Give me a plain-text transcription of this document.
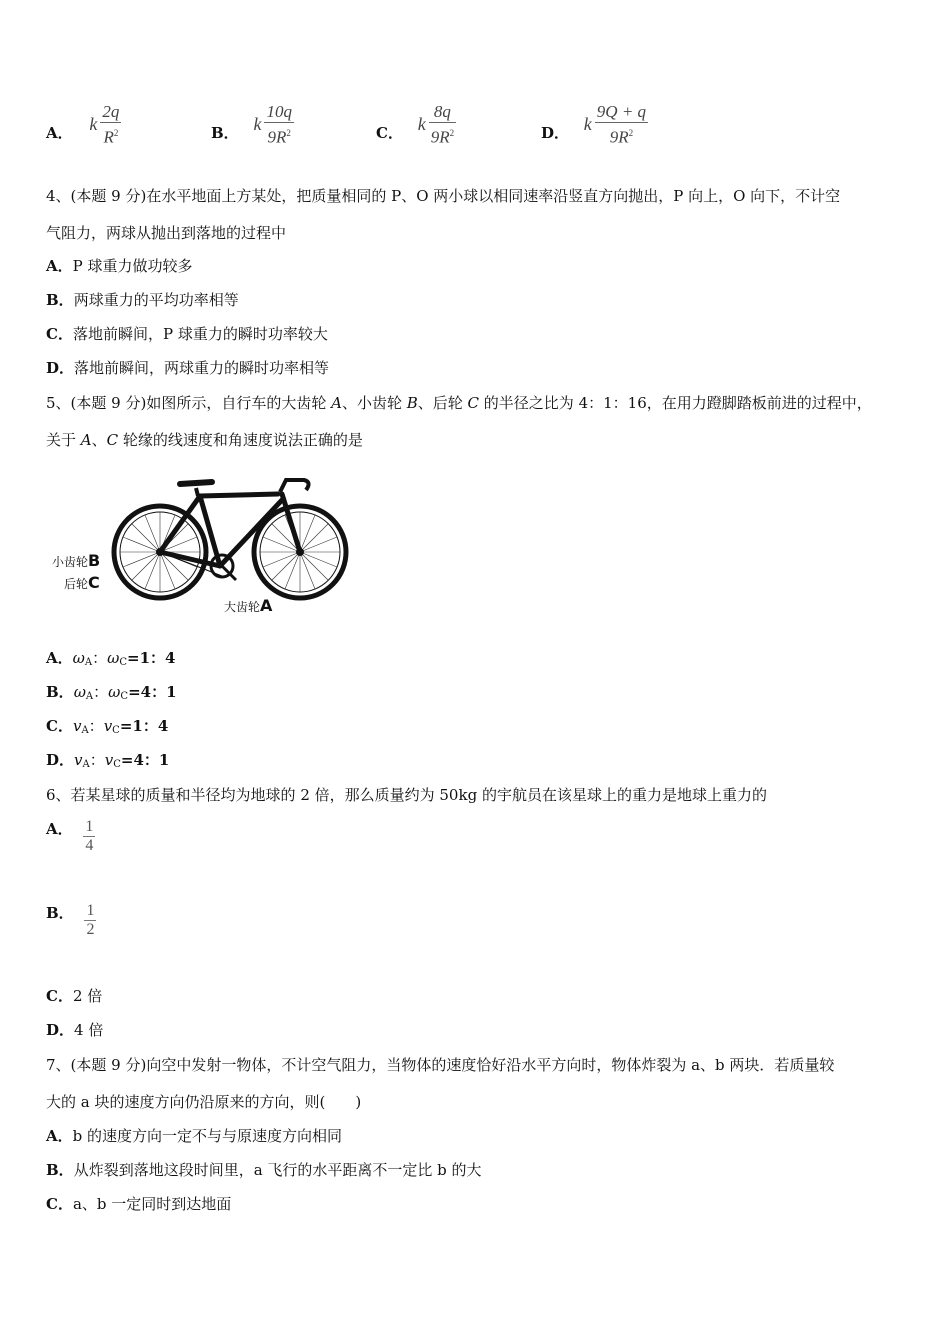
A． k $\frac{2q}{R^2}$	B． k $\frac{10q}{9R^2}$	C． k $\frac{8q}{9R^2}$	D． k $\frac{9Q + q}{9R^2}$
4、(本题 9 分)在水平地面上方某处，把质量相同的 P、O 两小球以相同速率沿竖直方向抛出，P 向上，O 向下，不计空
气阻力，两球从抛出到落地的过程中
A．P 球重力做功较多
B．两球重力的平均功率相等
C．落地前瞬间，P 球重力的瞬时功率较大
D．落地前瞬间，两球重力的瞬时功率相等
5、(本题 9 分)如图所示，自行车的大齿轮 A、小齿轮 B、后轮 C 的半径之比为 4：1：16，在用力蹬脚踏板前进的过程中，
关于 A、C 轮缘的线速度和角速度说法正确的是
小齿轮B
后轮C
大齿轮A
A．$\omega_A$：$\omega_C=1$：4
B．$\omega_A$：$\omega_C=4$：1
C．$v_A$：$v_C=1$：4
D．$v_A$：$v_C=4$：1
6、若某星球的质量和半径均为地球的 2 倍，那么质量约为 50kg 的宇航员在该星球上的重力是地球上重力的
A． $\frac{1}{4}$
B． $\frac{1}{2}$
C．2 倍
D．4 倍
7、(本题 9 分)向空中发射一物体，不计空气阻力，当物体的速度恰好沿水平方向时，物体炸裂为 a、b 两块．若质量较
大的 a 块的速度方向仍沿原来的方向，则(　　)
A．b 的速度方向一定不与与原速度方向相同
B．从炸裂到落地这段时间里，a 飞行的水平距离不一定比 b 的大
C．a、b 一定同时到达地面
